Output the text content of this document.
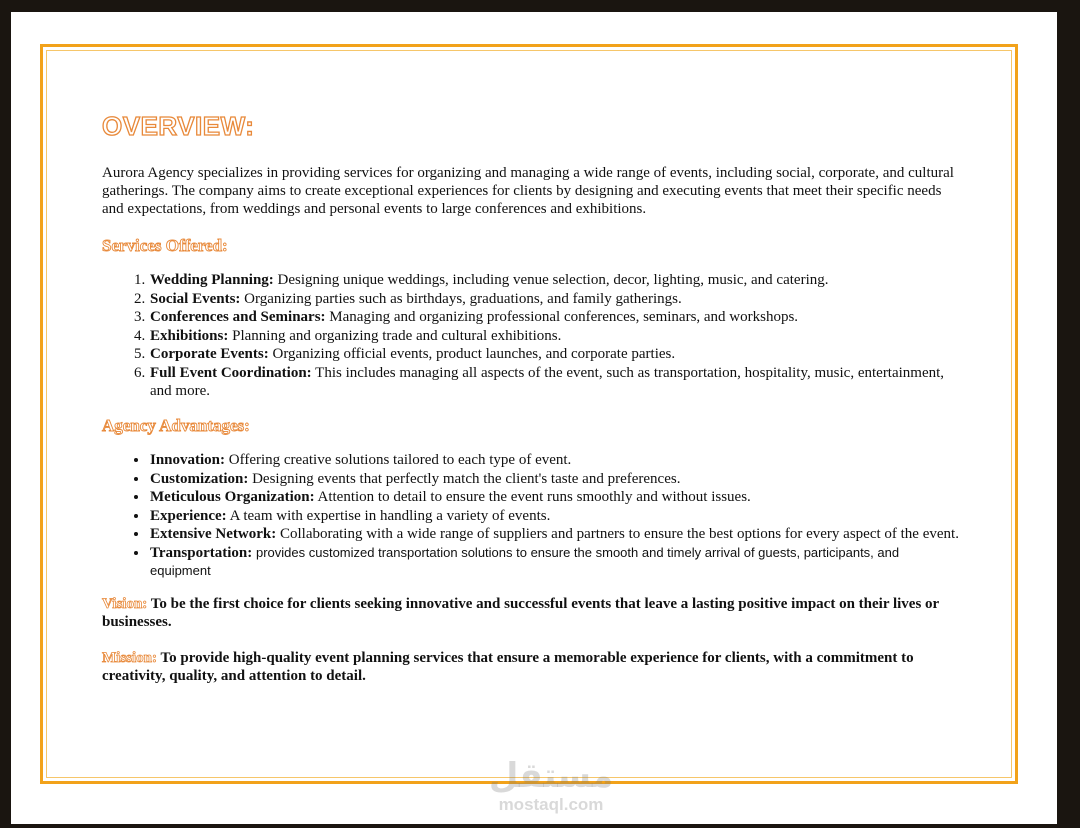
OVERVIEW:

Aurora Agency specializes in providing services for organizing and managing a wide range of events, including social, corporate, and cultural gatherings. The company aims to create exceptional experiences for clients by designing and executing events that meet their specific needs and expectations, from weddings and personal events to large conferences and exhibitions.

Services Offered:
1. Wedding Planning: Designing unique weddings, including venue selection, decor, lighting, music, and catering.
2. Social Events: Organizing parties such as birthdays, graduations, and family gatherings.
3. Conferences and Seminars: Managing and organizing professional conferences, seminars, and workshops.
4. Exhibitions: Planning and organizing trade and cultural exhibitions.
5. Corporate Events: Organizing official events, product launches, and corporate parties.
6. Full Event Coordination: This includes managing all aspects of the event, such as transportation, hospitality, music, entertainment, and more.
Agency Advantages:
• Innovation: Offering creative solutions tailored to each type of event.
• Customization: Designing events that perfectly match the client's taste and preferences.
• Meticulous Organization: Attention to detail to ensure the event runs smoothly and without issues.
• Experience: A team with expertise in handling a variety of events.
• Extensive Network: Collaborating with a wide range of suppliers and partners to ensure the best options for every aspect of the event.
• Transportation: provides customized transportation solutions to ensure the smooth and timely arrival of guests, participants, and equipment

Vision: To be the first choice for clients seeking innovative and successful events that leave a lasting positive impact on their lives or businesses.

Mission: To provide high-quality event planning services that ensure a memorable experience for clients, with a commitment to creativity, quality, and attention to detail.

مستقل
mostaql.com
